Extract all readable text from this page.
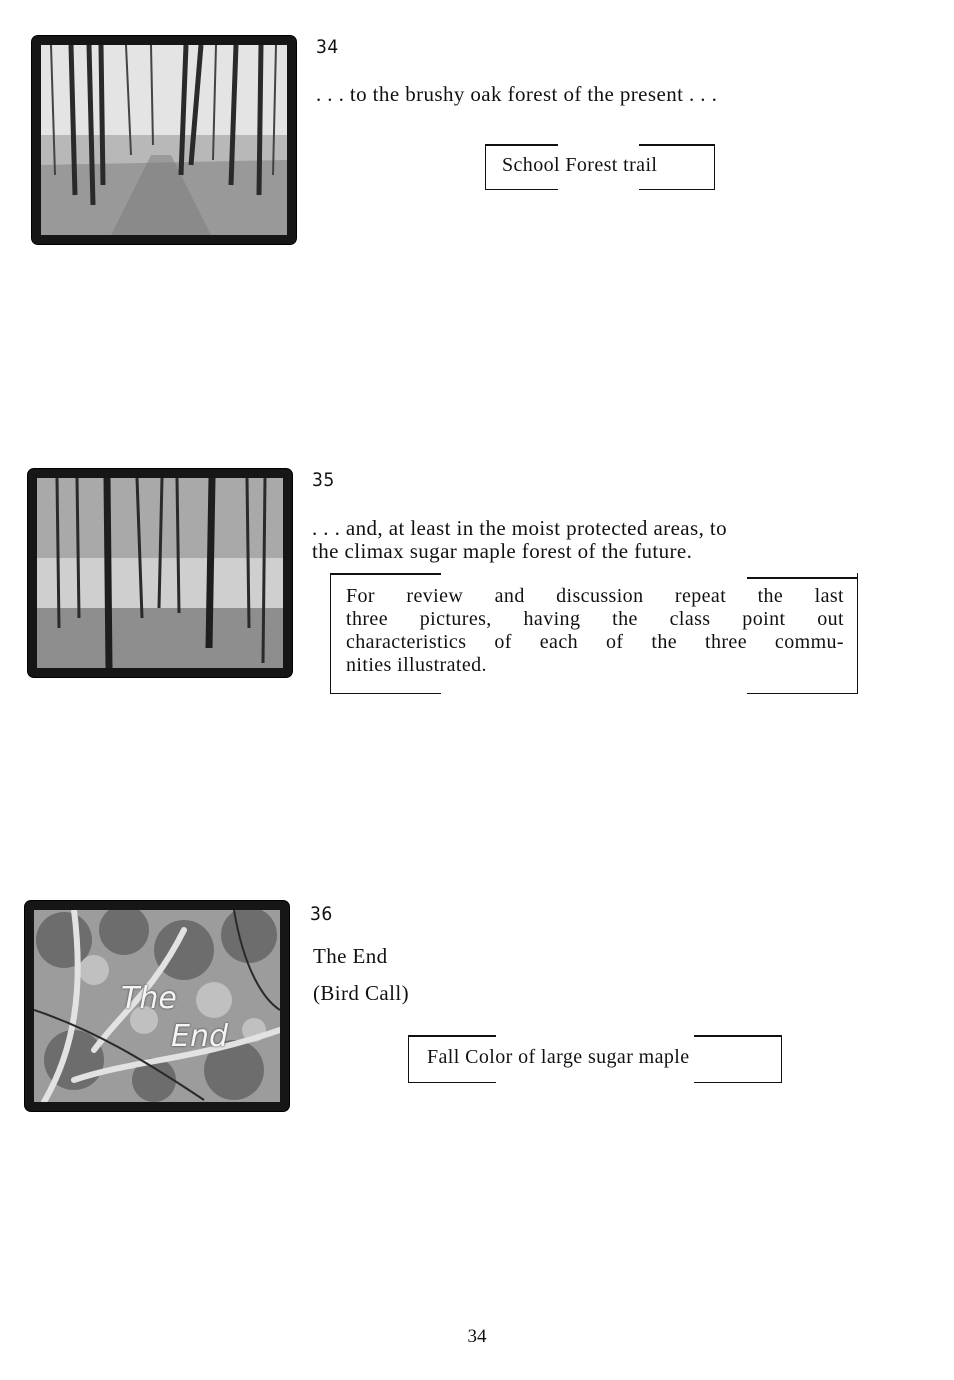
34
. . . to the brushy oak forest of the present . . .
School Forest trail
35
. . . and, at least in the moist protected areas, to
the climax sugar maple forest of the future.
For review and discussion repeat the last
three pictures, having the class point out
characteristics of each of the three commu-
nities illustrated.
The
End
36
The End
(Bird Call)
Fall Color of large sugar maple
34
